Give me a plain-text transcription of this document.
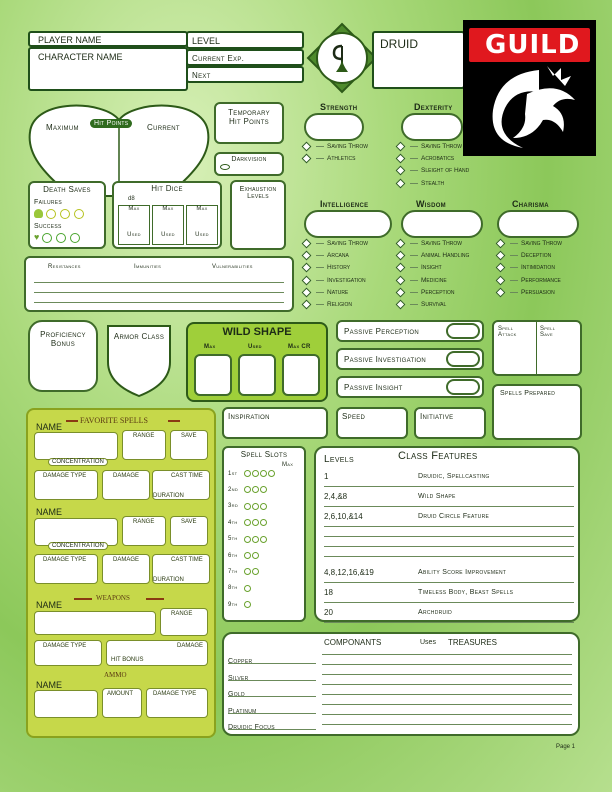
PLAYER NAME
CHARACTER NAME
LEVEL
Current Exp.
Next
DRUID	GUILD
Maximum	Hit Points	Current
Temporary Hit Points
Darkvision
Death Saves
Failures
Success
♥
Hit Dice
d8
Max
Used
Max
Used
Max
Used
Exhaustion Levels
Resistances	Immunities	Vulnerabilities
Strength
Saving Throw
Athletics
Dexterity
Saving Throw
Acrobatics
Sleight of Hand
Stealth
Intelligence
Saving Throw
Arcana
History
Investigation
Nature
Religion
Wisdom
Saving Throw
Animal Handling
Insight
Medicine
Perception
Survival
Charisma
Saving Throw
Deception
Intimidation
Performance
Persuasion
Proficiency Bonus
Armor Class	WILD SHAPE
Max	Used	Max CR
Passive Perception
Passive Investigation
Passive Insight
Spell Attack
Spell Save
Spells Prepared
Inspiration	Speed	Initiative
FAVORITE SPELLS
NAME
RANGE	SAVE
CONCENTRATION
DAMAGE TYPE	DAMAGE	CAST TIME
DURATION
NAME
RANGE	SAVE
CONCENTRATION
DAMAGE TYPE	DAMAGE	CAST TIME
DURATION
WEAPONS
NAME
RANGE
DAMAGE TYPE	DAMAGE
HIT BONUS
AMMO
NAME
AMOUNT	DAMAGE TYPE
Spell Slots
Max
1st
2nd
3rd
4th
5th
6th
7th
8th
9th
Levels	Class Features
1	Druidic, Spellcasting
2,4,&8	Wild Shape
2,6,10,&14	Druid Circle Feature
4,8,12,16,&19	Ability Score Improvement
18	Timeless Body, Beast Spells
20	Archdruid
COMPONANTS	Uses TREASURES
Copper
Silver
Gold
Platinum
Druidic Focus
Page 1
